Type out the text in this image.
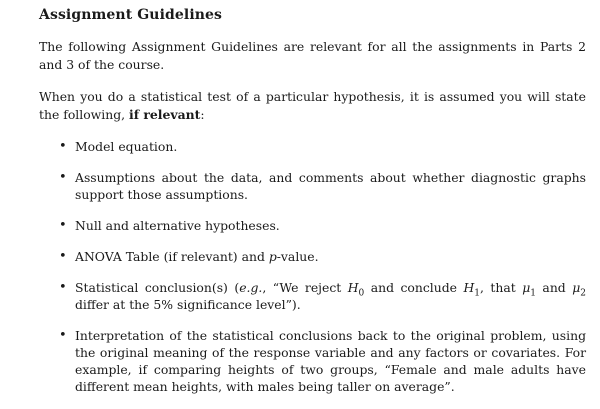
Assignment Guidelines

The following Assignment Guidelines are relevant for all the assignments in Parts 2 and 3 of the course.

When you do a statistical test of a particular hypothesis, it is assumed you will state the following, if relevant:

• Model equation.
• Assumptions about the data, and comments about whether diagnostic graphs support those assumptions.
• Null and alternative hypotheses.
• ANOVA Table (if relevant) and p-value.
• Statistical conclusion(s) (e.g., “We reject $H_0$ and conclude $H_1$, that $\mu_1$ and $\mu_2$ differ at the 5% significance level”).
• Interpretation of the statistical conclusions back to the original problem, using the original meaning of the response variable and any factors or covariates. For example, if comparing heights of two groups, “Female and male adults have different mean heights, with males being taller on average”.
